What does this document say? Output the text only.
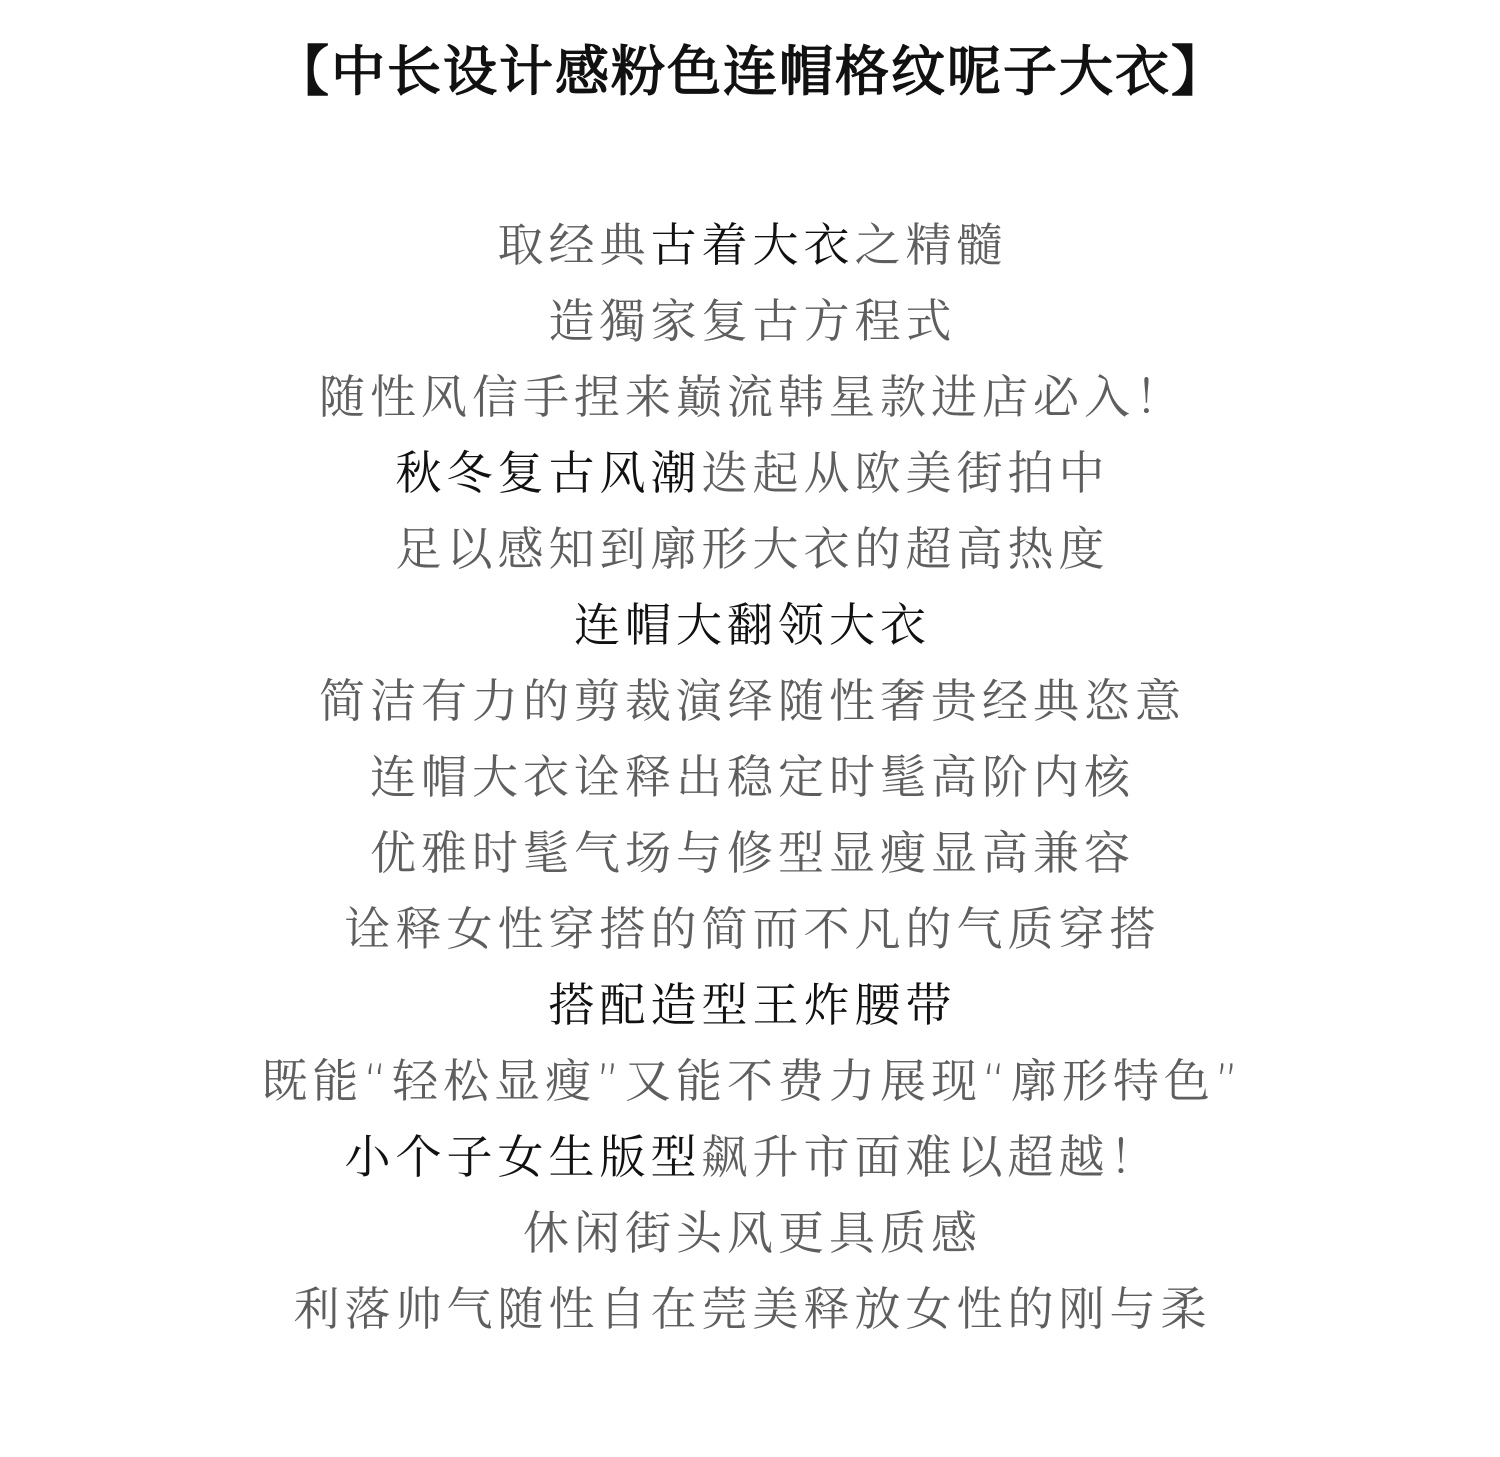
【中长设计感粉色连帽格纹呢子大衣】
取经典古着大衣之精髓
造獨家复古方程式
随性风信手捏来巅流韩星款进店必入！
秋冬复古风潮迭起从欧美街拍中
足以感知到廓形大衣的超高热度
连帽大翻领大衣
简洁有力的剪裁演绎随性奢贵经典恣意
连帽大衣诠释出稳定时髦高阶内核
优雅时髦气场与修型显瘦显高兼容
诠释女性穿搭的简而不凡的气质穿搭
搭配造型王炸腰带
既能“轻松显瘦”又能不费力展现“廓形特色”
小个子女生版型飙升市面难以超越！
休闲街头风更具质感
利落帅气随性自在莞美释放女性的刚与柔
